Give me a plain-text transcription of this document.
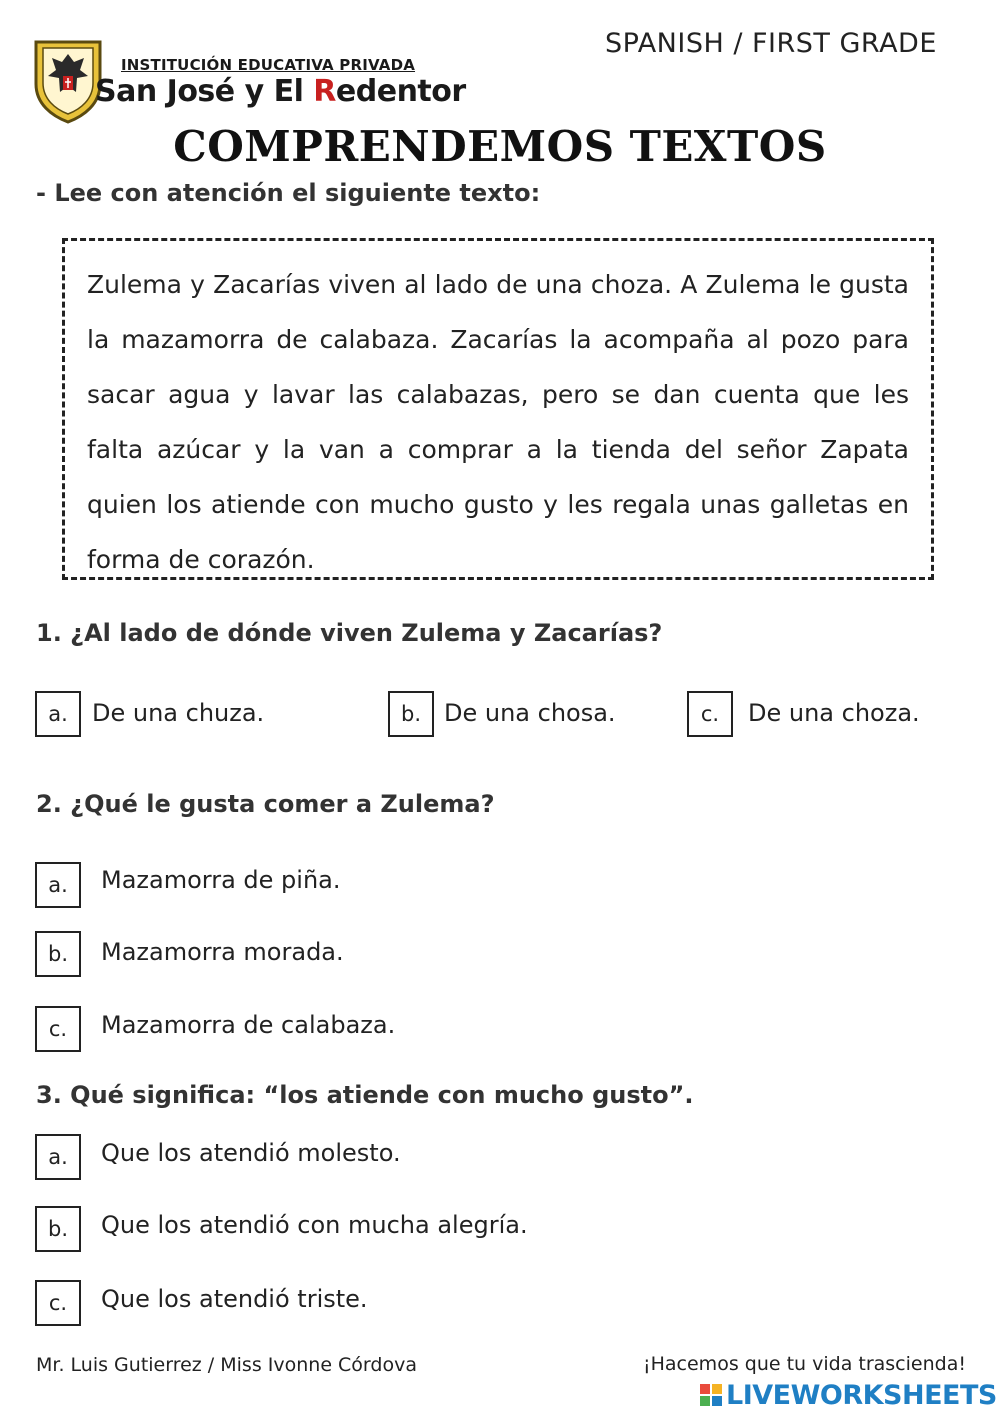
SPANISH / FIRST GRADE
INSTITUCIÓN EDUCATIVA PRIVADA
San José y El Redentor
COMPRENDEMOS TEXTOS
- Lee con atención el siguiente texto:

Zulema y Zacarías viven al lado de una choza. A Zulema le gusta la mazamorra de calabaza. Zacarías la acompaña al pozo para sacar agua y lavar las calabazas, pero se dan cuenta que les falta azúcar y la van a comprar a la tienda del señor Zapata quien los atiende con mucho gusto y les regala unas galletas en forma de corazón.

1. ¿Al lado de dónde viven Zulema y Zacarías?
a.	De una chuza.	b. De una chosa.	c.	De una choza.
2. ¿Qué le gusta comer a Zulema?
a.	Mazamorra de piña.
b.	Mazamorra morada.
c.	Mazamorra de calabaza.
3. Qué significa: “los atiende con mucho gusto”.
a.	Que los atendió molesto.
b.	Que los atendió con mucha alegría.
c.	Que los atendió triste.
Mr. Luis Gutierrez / Miss Ivonne Córdova	¡Hacemos que tu vida trascienda!
LIVEWORKSHEETS
